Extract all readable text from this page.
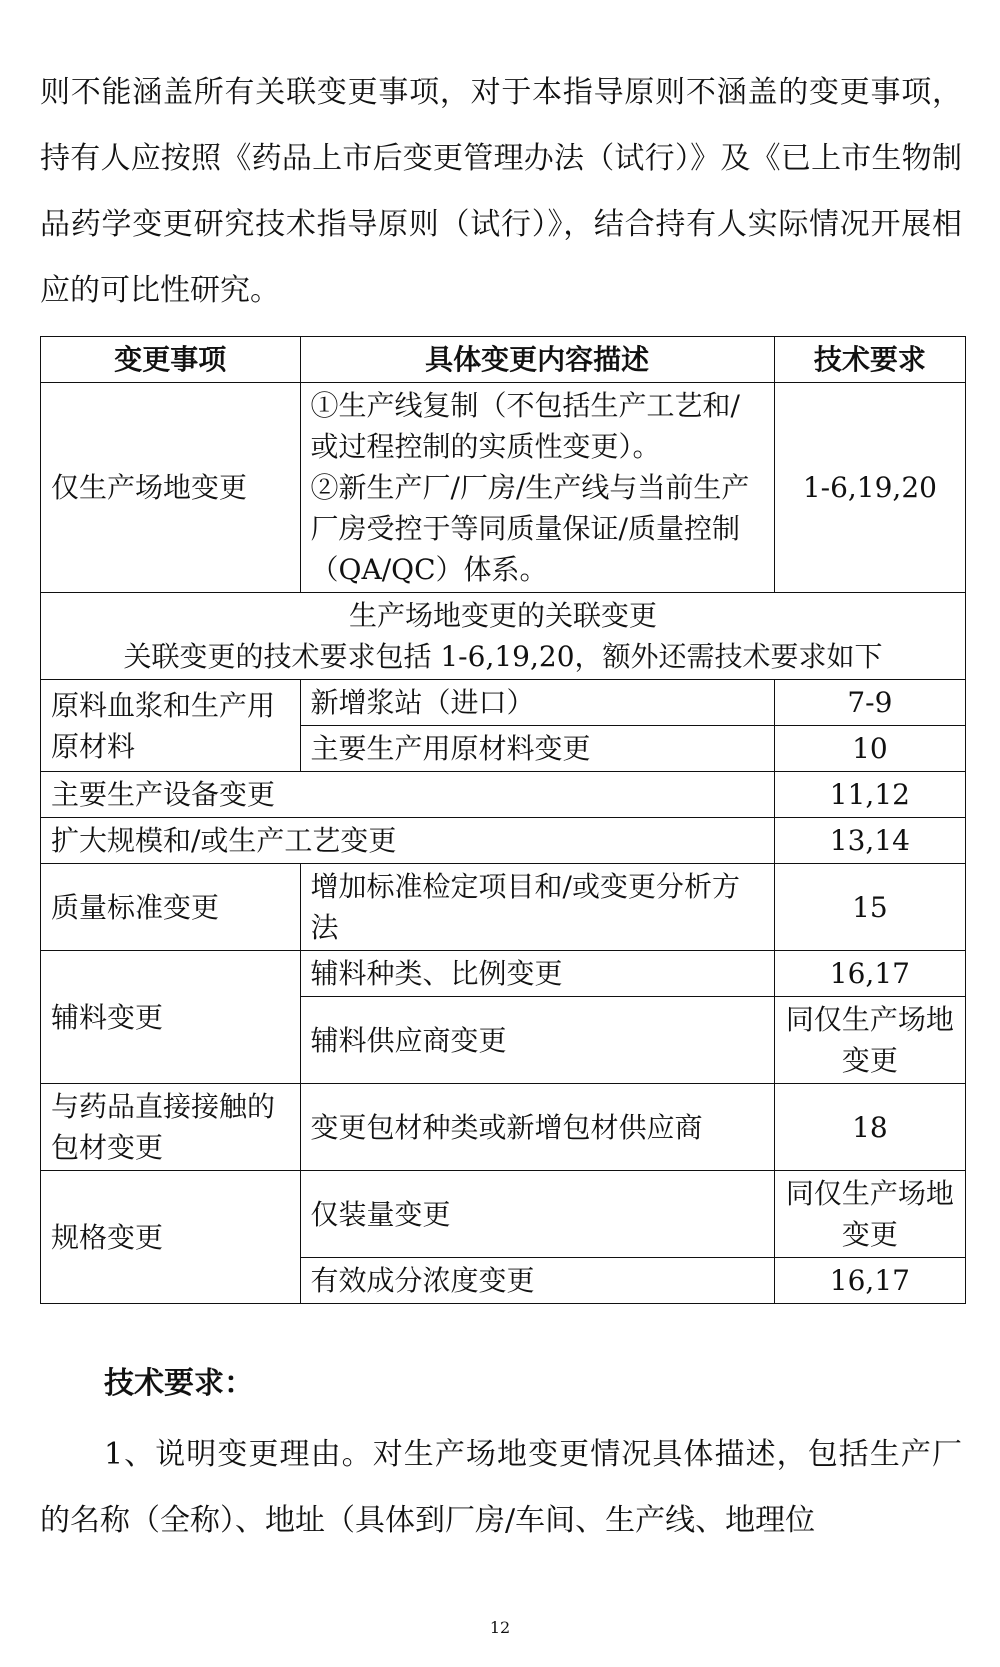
则不能涵盖所有关联变更事项，对于本指导原则不涵盖的变更事项，持有人应按照《药品上市后变更管理办法（试行）》及《已上市生物制品药学变更研究技术指导原则（试行）》，结合持有人实际情况开展相应的可比性研究。

变更事项	具体变更内容描述	技术要求
仅生产场地变更	①生产线复制（不包括生产工艺和/或过程控制的实质性变更）。
②新生产厂/厂房/生产线与当前生产厂房受控于等同质量保证/质量控制（QA/QC）体系。	1-6,19,20

生产场地变更的关联变更
关联变更的技术要求包括 1-6,19,20，额外还需技术要求如下		

原料血浆和生产用原材料	新增浆站（进口）	7-9
	主要生产用原材料变更	10
主要生产设备变更		11,12
扩大规模和/或生产工艺变更		13,14
质量标准变更	增加标准检定项目和/或变更分析方法	15
辅料变更	辅料种类、比例变更	16,17
	辅料供应商变更	同仅生产场地变更
与药品直接接触的包材变更	变更包材种类或新增包材供应商	18
规格变更	仅装量变更	同仅生产场地变更
	有效成分浓度变更	16,17
技术要求：

1、说明变更理由。对生产场地变更情况具体描述，包括生产厂的名称（全称）、地址（具体到厂房/车间、生产线、地理位

12
